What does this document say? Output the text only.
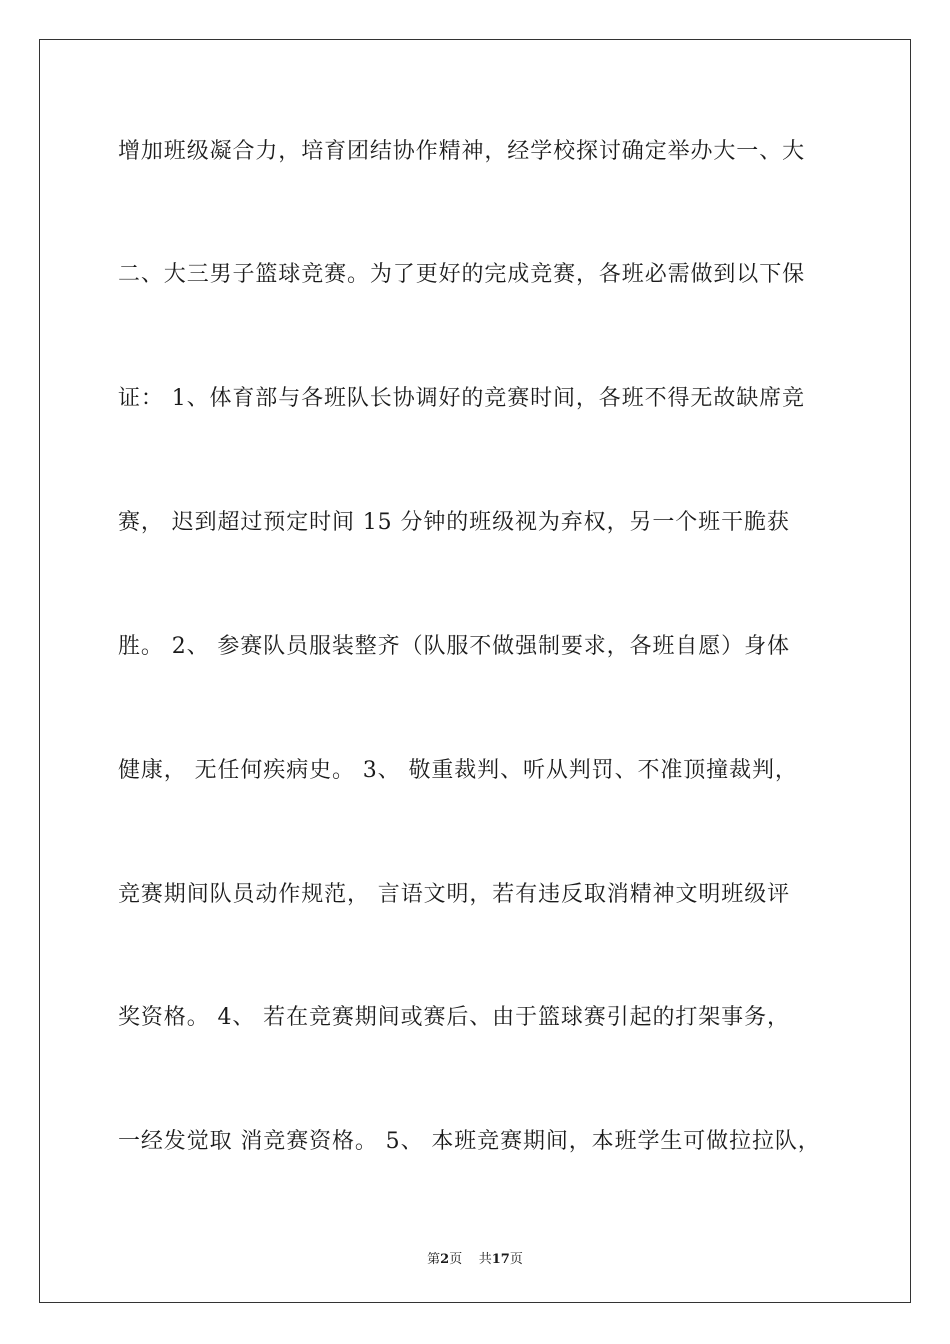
增加班级凝合力，培育团结协作精神，经学校探讨确定举办大一、大
二、大三男子篮球竞赛。为了更好的完成竞赛，各班必需做到以下保
证： 1、体育部与各班队长协调好的竞赛时间，各班不得无故缺席竞
赛， 迟到超过预定时间 15 分钟的班级视为弃权，另一个班干脆获
胜。 2、 参赛队员服装整齐（队服不做强制要求，各班自愿）身体
健康， 无任何疾病史。 3、 敬重裁判、听从判罚、不准顶撞裁判，
竞赛期间队员动作规范， 言语文明，若有违反取消精神文明班级评
奖资格。 4、 若在竞赛期间或赛后、由于篮球赛引起的打架事务，
一经发觉取 消竞赛资格。 5、 本班竞赛期间，本班学生可做拉拉队，
第2页 共17页
